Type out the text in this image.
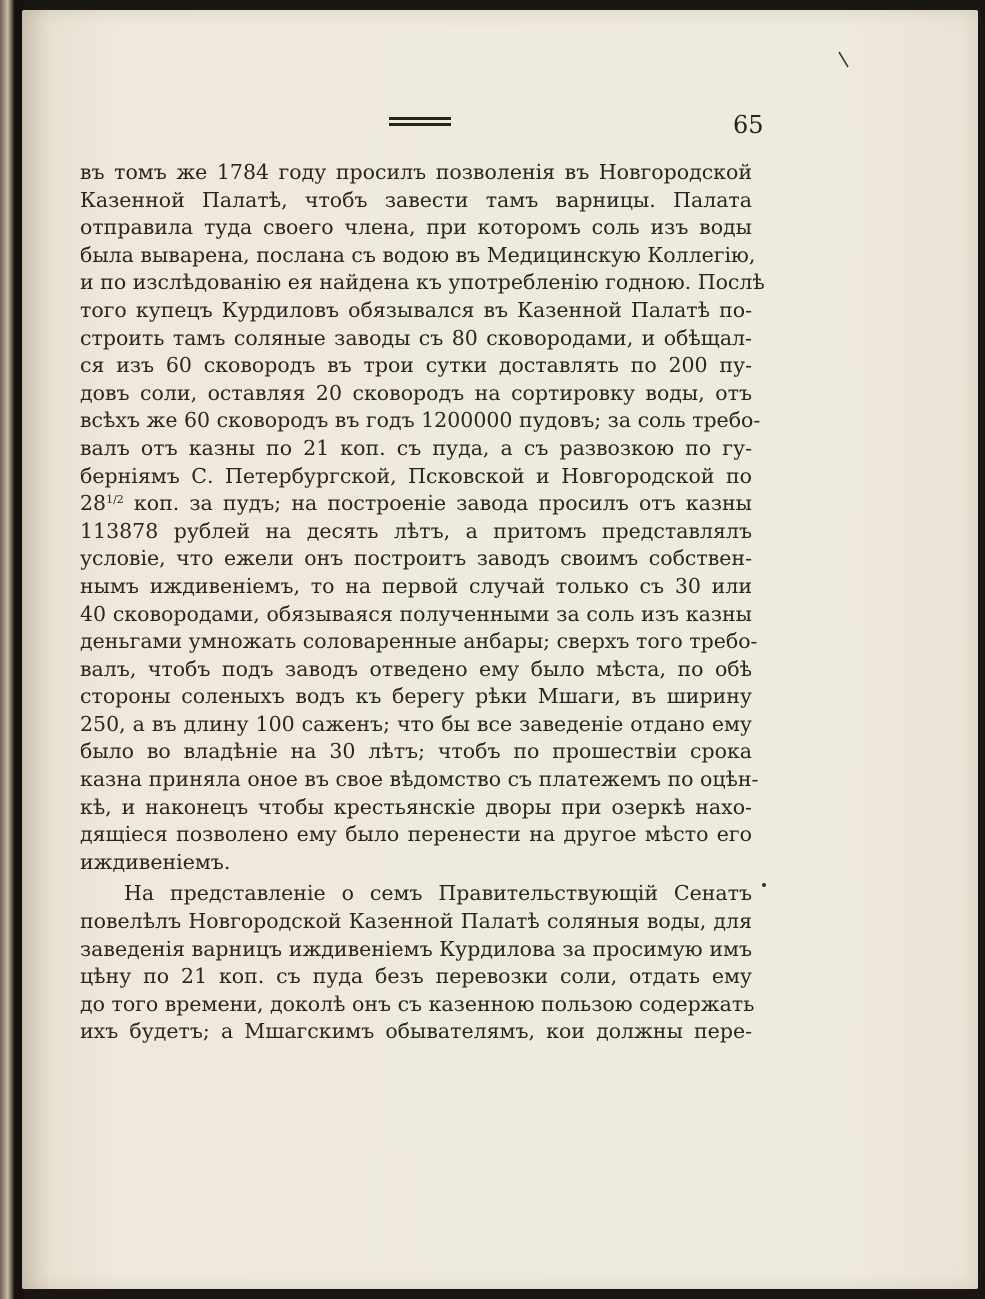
65
въ томъ же 1784 году просилъ позволенія въ Новгородской
Казенной Палатѣ, чтобъ завести тамъ варницы. Палата
отправила туда своего члена, при которомъ соль изъ воды
была выварена, послана съ водою въ Медицинскую Коллегію,
и по изслѣдованію ея найдена къ употребленію годною. Послѣ
того купецъ Курдиловъ обязывался въ Казенной Палатѣ по-
строить тамъ соляные заводы съ 80 сковородами, и обѣщал-
ся изъ 60 сковородъ въ трои сутки доставлять по 200 пу-
довъ соли, оставляя 20 сковородъ на сортировку воды, отъ
всѣхъ же 60 сковородъ въ годъ 1200000 пудовъ; за соль требо-
валъ отъ казны по 21 коп. съ пуда, а съ развозкою по гу-
берніямъ С. Петербургской, Псковской и Новгородской по
$28^{1/2}$ коп. за пудъ; на построеніе завода просилъ отъ казны
113878 рублей на десять лѣтъ, а притомъ представлялъ
условіе, что ежели онъ построитъ заводъ своимъ собствен-
нымъ иждивеніемъ, то на первой случай только съ 30 или
40 сковородами, обязываяся полученными за соль изъ казны
деньгами умножать соловаренные анбары; сверхъ того требо-
валъ, чтобъ подъ заводъ отведено ему было мѣста, по обѣ
стороны соленыхъ водъ къ берегу рѣки Мшаги, въ ширину
250, а въ длину 100 саженъ; что бы все заведеніе отдано ему
было во владѣніе на 30 лѣтъ; чтобъ по прошествіи срока
казна приняла оное въ свое вѣдомство съ платежемъ по оцѣн-
кѣ, и наконецъ чтобы крестьянскіе дворы при озеркѣ нахо-
дящіеся позволено ему было перенести на другое мѣсто его
иждивеніемъ.
На представленіе о семъ Правительствующій Сенатъ
повелѣлъ Новгородской Казенной Палатѣ соляныя воды, для
заведенія варницъ иждивеніемъ Курдилова за просимую имъ
цѣну по 21 коп. съ пуда безъ перевозки соли, отдать ему
до того времени, доколѣ онъ съ казенною пользою содержать
ихъ будетъ; а Мшагскимъ обывателямъ, кои должны пере-
